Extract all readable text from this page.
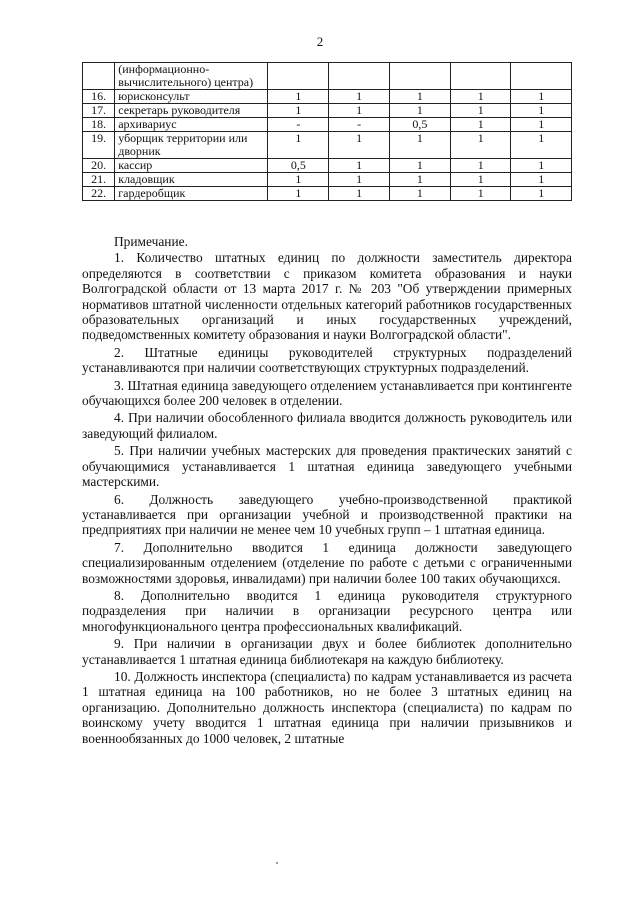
2
	(информационно-вычислительного) центра)					
16.	юрисконсульт	1	1	1	1	1
17.	секретарь руководителя	1	1	1	1	1
18.	архивариус	-	-	0,5	1	1
19.	уборщик территории или дворник	1	1	1	1	1
20.	кассир	0,5	1	1	1	1
21.	кладовщик	1	1	1	1	1
22.	гардеробщик	1	1	1	1	1

Примечание.

1. Количество штатных единиц по должности заместитель директора определяются в соответствии с приказом комитета образования и науки Волгоградской области от 13 марта 2017 г. № 203 "Об утверждении примерных нормативов штатной численности отдельных категорий работников государственных образовательных организаций и иных государственных учреждений, подведомственных комитету образования и науки Волгоградской области".

2. Штатные единицы руководителей структурных подразделений устанавливаются при наличии соответствующих структурных подразделений.

3. Штатная единица заведующего отделением устанавливается при контингенте обучающихся более 200 человек в отделении.

4. При наличии обособленного филиала вводится должность руководитель или заведующий филиалом.

5. При наличии учебных мастерских для проведения практических занятий с обучающимися устанавливается 1 штатная единица заведующего учебными мастерскими.

6. Должность заведующего учебно-производственной практикой устанавливается при организации учебной и производственной практики на предприятиях при наличии не менее чем 10 учебных групп – 1 штатная единица.

7. Дополнительно вводится 1 единица должности заведующего специализированным отделением (отделение по работе с детьми с ограниченными возможностями здоровья, инвалидами) при наличии более 100 таких обучающихся.

8. Дополнительно вводится 1 единица руководителя структурного подразделения при наличии в организации ресурсного центра или многофункционального центра профессиональных квалификаций.

9. При наличии в организации двух и более библиотек дополнительно устанавливается 1 штатная единица библиотекаря на каждую библиотеку.

10. Должность инспектора (специалиста) по кадрам устанавливается из расчета 1 штатная единица на 100 работников, но не более 3 штатных единиц на организацию. Дополнительно должность инспектора (специалиста) по кадрам по воинскому учету вводится 1 штатная единица при наличии призывников и военнообязанных до 1000 человек, 2 штатные
